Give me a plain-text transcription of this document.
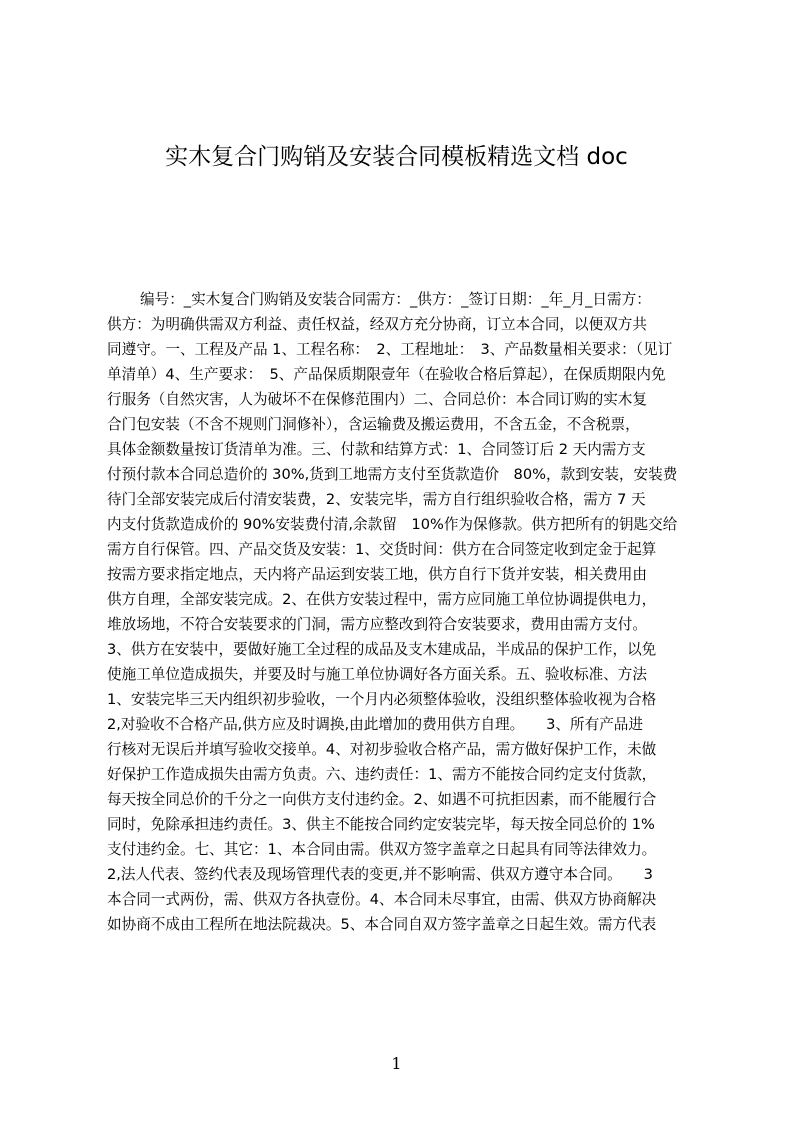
实木复合门购销及安装合同模板精选文档 doc
编号：_实木复合门购销及安装合同需方：_供方：_签订日期：_年_月_日需方：
供方：为明确供需双方利益、责任权益，经双方充分协商，订立本合同，以便双方共
同遵守。一、工程及产品 1、工程名称：　2、工程地址：　3、产品数量相关要求：（见订
单清单）4、生产要求：　5、产品保质期限壹年（在验收合格后算起），在保质期限内免
行服务（自然灾害，人为破坏不在保修范围内）二、合同总价：本合同订购的实木复
合门包安装（不含不规则门洞修补），含运输费及搬运费用，不含五金，不含税票，
具体金额数量按订货清单为准。三、付款和结算方式：1、合同签订后 2 天内需方支
付预付款本合同总造价的 30%,货到工地需方支付至货款造价　80%，款到安装，安装费
待门全部安装完成后付清安装费，2、安装完毕，需方自行组织验收合格，需方 7 天
内支付货款造成价的 90%安装费付清,余款留　10%作为保修款。供方把所有的钥匙交给
需方自行保管。四、产品交货及安装：1、交货时间：供方在合同签定收到定金于起算
按需方要求指定地点，天内将产品运到安装工地，供方自行下货并安装，相关费用由
供方自理，全部安装完成。2、在供方安装过程中，需方应同施工单位协调提供电力，
堆放场地，不符合安装要求的门洞，需方应整改到符合安装要求，费用由需方支付。
3、供方在安装中，要做好施工全过程的成品及支木建成品，半成品的保护工作，以免
使施工单位造成损失，并要及时与施工单位协调好各方面关系。五、验收标准、方法
1、安装完毕三天内组织初步验收，一个月内必须整体验收，没组织整体验收视为合格
2,对验收不合格产品,供方应及时调换,由此增加的费用供方自理。　　3、所有产品进
行核对无误后并填写验收交接单。4、对初步验收合格产品，需方做好保护工作，未做
好保护工作造成损失由需方负责。六、违约责任：1、需方不能按合同约定支付货款，
每天按全同总价的千分之一向供方支付违约金。2、如遇不可抗拒因素，而不能履行合
同时，免除承担违约责任。3、供主不能按合同约定安装完毕，每天按全同总价的 1%
支付违约金。七、其它：1、本合同由需。供双方签字盖章之日起具有同等法律效力。
2,法人代表、签约代表及现场管理代表的变更,并不影响需、供双方遵守本合同。　　3
本合同一式两份，需、供双方各执壹份。4、本合同未尽事宜，由需、供双方协商解决
如协商不成由工程所在地法院裁决。5、本合同自双方签字盖章之日起生效。需方代表
1
